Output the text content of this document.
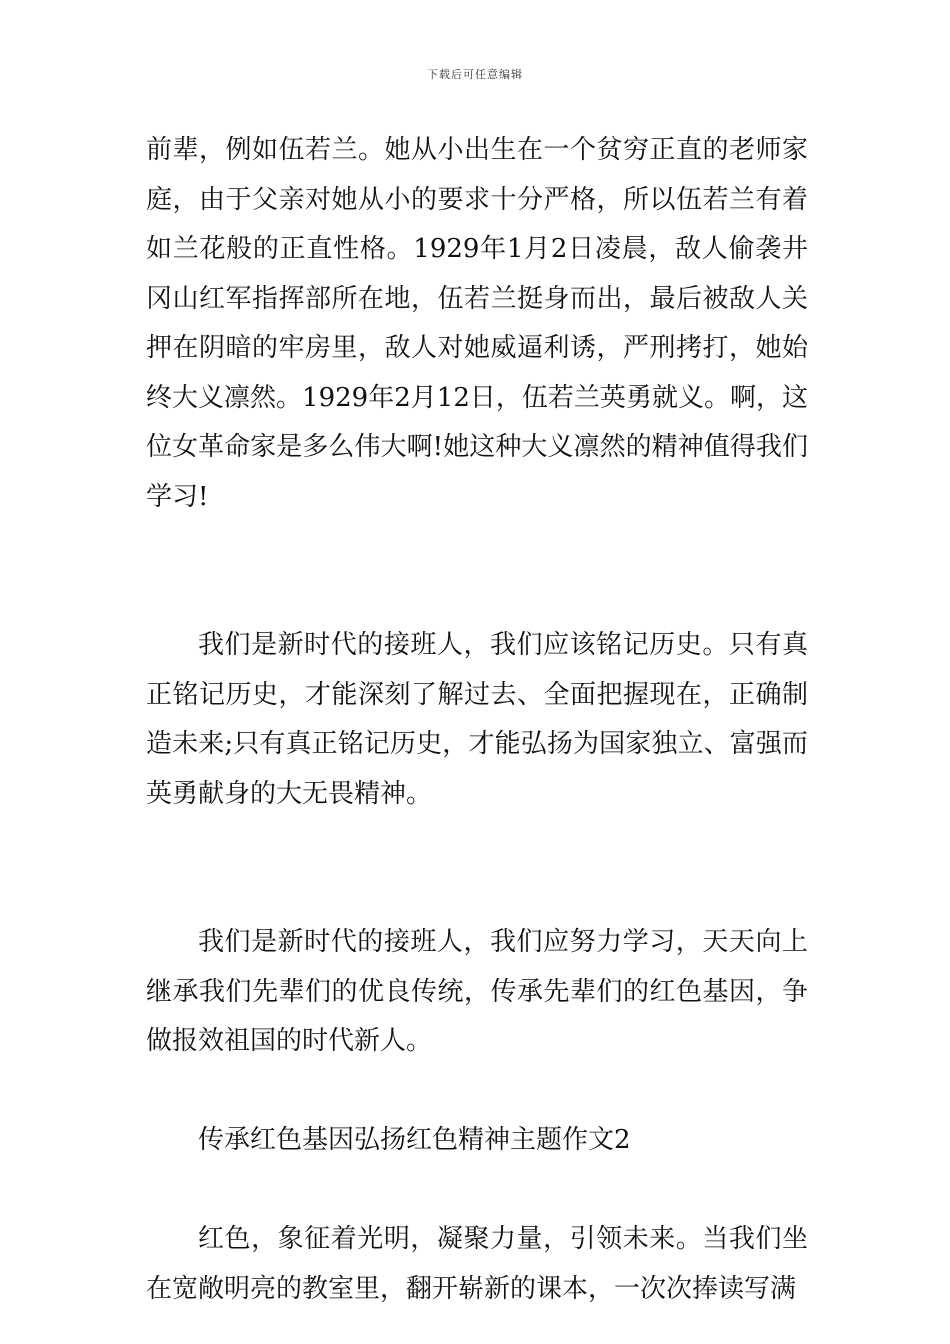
下载后可任意编辑

前辈，例如伍若兰。她从小出生在一个贫穷正直的老师家庭，由于父亲对她从小的要求十分严格，所以伍若兰有着如兰花般的正直性格。1929年1月2日凌晨，敌人偷袭井冈山红军指挥部所在地，伍若兰挺身而出，最后被敌人关押在阴暗的牢房里，敌人对她威逼利诱，严刑拷打，她始终大义凛然。1929年2月12日，伍若兰英勇就义。啊，这位女革命家是多么伟大啊!她这种大义凛然的精神值得我们学习!

我们是新时代的接班人，我们应该铭记历史。只有真正铭记历史，才能深刻了解过去、全面把握现在，正确制造未来;只有真正铭记历史，才能弘扬为国家独立、富强而英勇献身的大无畏精神。

我们是新时代的接班人，我们应努力学习，天天向上继承我们先辈们的优良传统，传承先辈们的红色基因，争做报效祖国的时代新人。

传承红色基因弘扬红色精神主题作文2

红色，象征着光明，凝聚力量，引领未来。当我们坐在宽敞明亮的教室里，翻开崭新的课本，一次次捧读写满
